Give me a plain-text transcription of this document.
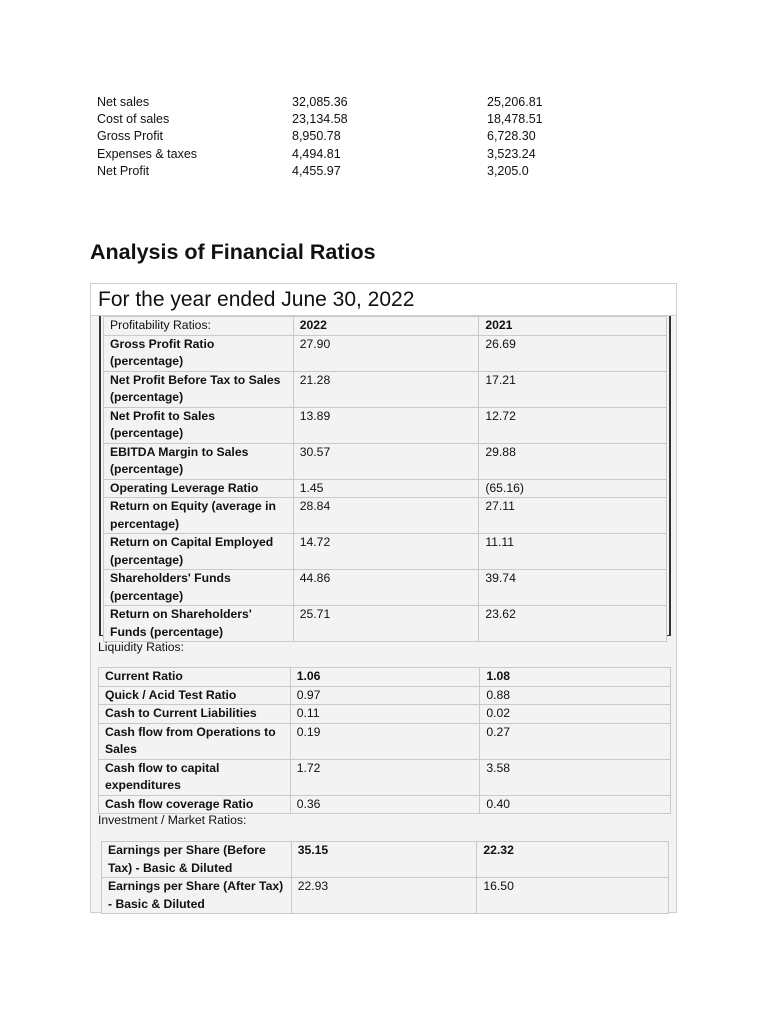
Net sales	32,085.36	25,206.81
Cost of sales	23,134.58	18,478.51
Gross Profit	8,950.78	6,728.30
Expenses & taxes	4,494.81	3,523.24
Net Profit	4,455.97	3,205.0
Analysis of Financial Ratios
For the year ended June 30, 2022
Profitability Ratios:	2022	2021
Gross Profit Ratio (percentage)	27.90	26.69
Net Profit Before Tax to Sales (percentage)	21.28	17.21
Net Profit to Sales (percentage)	13.89	12.72
EBITDA Margin to Sales (percentage)	30.57	29.88
Operating Leverage Ratio	1.45	(65.16)
Return on Equity (average in percentage)	28.84	27.11
Return on Capital Employed (percentage)	14.72	11.11
Shareholders' Funds (percentage)	44.86	39.74
Return on Shareholders' Funds (percentage)	25.71	23.62
Liquidity Ratios:
Current Ratio	1.06	1.08
Quick / Acid Test Ratio	0.97	0.88
Cash to Current Liabilities	0.11	0.02
Cash flow from Operations to Sales	0.19	0.27
Cash flow to capital expenditures	1.72	3.58
Cash flow coverage Ratio	0.36	0.40
Investment / Market Ratios:
Earnings per Share (Before Tax) - Basic & Diluted	35.15	22.32
Earnings per Share (After Tax) - Basic & Diluted	22.93	16.50
